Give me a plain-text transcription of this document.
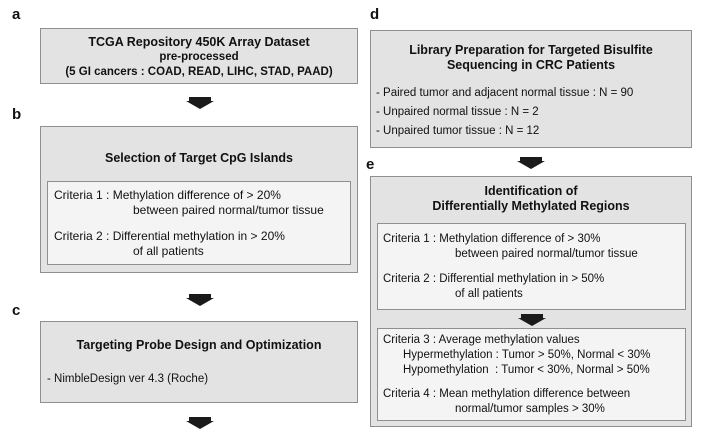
a
TCGA Repository 450K Array Dataset
pre-processed
(5 GI cancers : COAD, READ, LIHC, STAD, PAAD)
b
Selection of Target CpG Islands
Criteria 1 : Methylation difference of > 20%
between paired normal/tumor tissue
Criteria 2 : Differential methylation in > 20%
of all patients
c
Targeting Probe Design and Optimization
- NimbleDesign ver 4.3 (Roche)
d
Library Preparation for Targeted Bisulfite
Sequencing in CRC Patients
- Paired tumor and adjacent normal tissue : N = 90
- Unpaired normal tissue : N = 2
- Unpaired tumor tissue : N = 12
e
Identification of
Differentially Methylated Regions
Criteria 1 : Methylation difference of > 30%
between paired normal/tumor tissue
Criteria 2 : Differential methylation in > 50%
of all patients
Criteria 3 : Average methylation values
Hypermethylation : Tumor > 50%, Normal < 30%
Hypomethylation  : Tumor < 30%, Normal > 50%
Criteria 4 : Mean methylation difference between
normal/tumor samples > 30%
